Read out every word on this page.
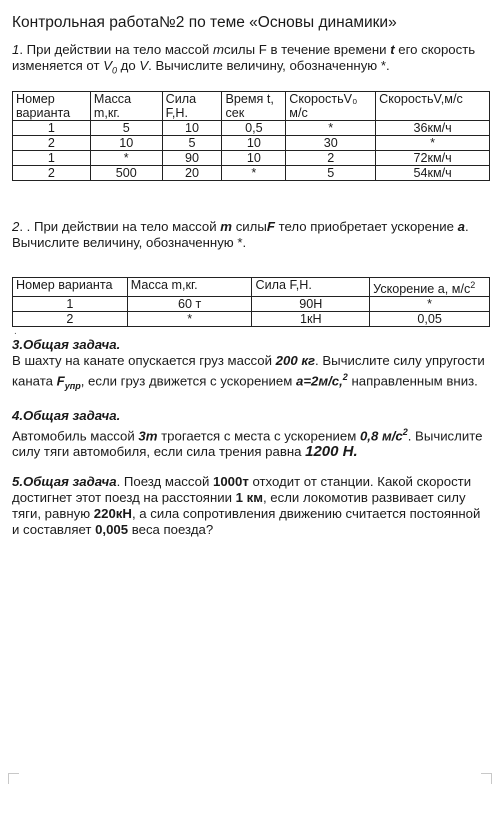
Контрольная работа№2 по теме «Основы динамики»

1. При действии на тело массой mсилы F в течение времени t его скорость изменяется от $V_0$ до V. Вычислите величину, обозначенную *.

Номер варианта	Масса m,кг.	Сила F,Н.	Время t, сек	СкоростьV₀ м/с	СкоростьV,м/с
1	5	10	0,5	*	36км/ч
2	10	5	10	30	*
1	*	90	10	2	72км/ч
2	500	20	*	5	54км/ч

2. . При действии на тело массой m силыF тело приобретает ускорение a. Вычислите величину, обозначенную *.

Номер варианта	Масса m,кг.	Сила F,Н.	Ускорение а, $м/с^2$
1	60 т	90Н	*
2	*	1кН	0,05
.

3.Общая задача.
В шахту на канате опускается груз массой 200 кг. Вычислите силу упругости каната $F_{упр}$, если груз движется с ускорением а=2м/с,$^2$ направленным вниз.

4.Общая задача.
Автомобиль массой 3т трогается с места с ускорением 0,8 $м/с^2$. Вычислите силу тяги автомобиля, если сила трения равна 1200 Н.

5.Общая задача. Поезд массой 1000т отходит от станции. Какой скорости достигнет этот поезд на расстоянии 1 км, если локомотив развивает силу тяги, равную 220кН, а сила сопротивления движению считается постоянной и составляет 0,005 веса поезда?
